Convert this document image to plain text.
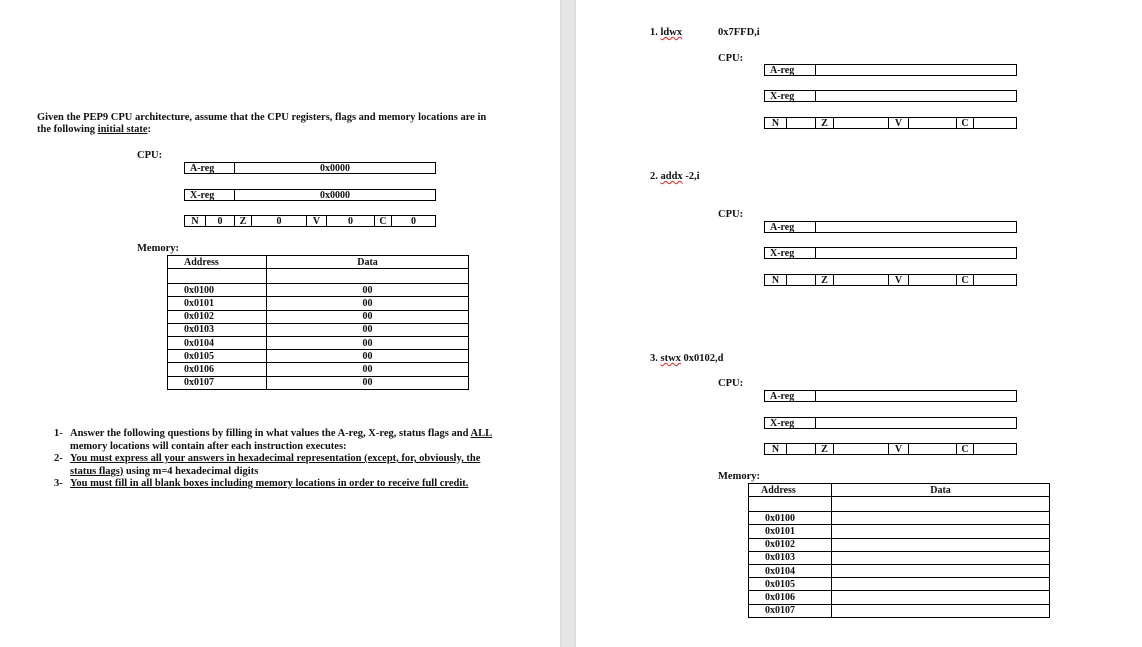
Given the PEP9 CPU architecture, assume that the CPU registers, flags and memory locations are in
the following initial state:
CPU:
A-reg	0x0000
X-reg	0x0000
N	0	Z	0	V	0	C	0
Memory:
Address	Data

0x0100	00
0x0101	00
0x0102	00
0x0103	00
0x0104	00
0x0105	00
0x0106	00
0x0107	00
1- Answer the following questions by filling in what values the A-reg, X-reg, status flags and ALL
memory locations will contain after each instruction executes:
2- You must express all your answers in hexadecimal representation (except, for, obviously, the
status flags) using m=4 hexadecimal digits
3- You must fill in all blank boxes including memory locations in order to receive full credit.
1. ldwx	0x7FFD,i
CPU:
A-reg
X-reg
N	Z	V	C
2. addx -2,i
CPU:
A-reg
X-reg
N	Z	V	C
3. stwx 0x0102,d
CPU:
A-reg
X-reg
N	Z	V	C
Memory:
Address	Data

0x0100	
0x0101	
0x0102	
0x0103	
0x0104	
0x0105	
0x0106	
0x0107	
